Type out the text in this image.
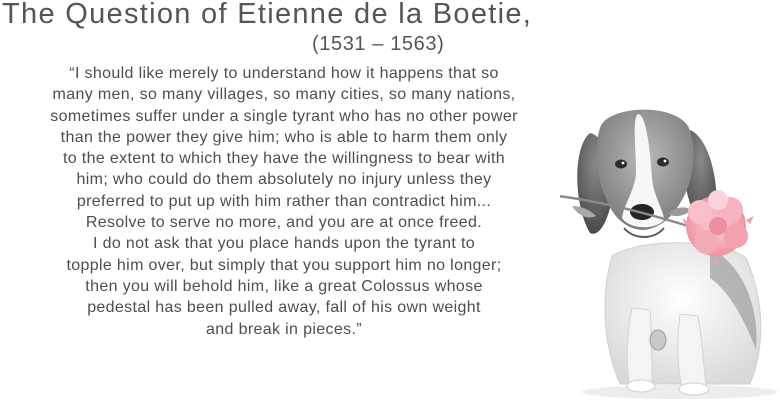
The Question of Etienne de la Boetie,
(1531 – 1563)
“I should like merely to understand how it happens that so
many men, so many villages, so many cities, so many nations,
sometimes suffer under a single tyrant who has no other power
than the power they give him; who is able to harm them only
to the extent to which they have the willingness to bear with
him; who could do them absolutely no injury unless they
preferred to put up with him rather than contradict him...
Resolve to serve no more, and you are at once freed.
I do not ask that you place hands upon the tyrant to
topple him over, but simply that you support him no longer;
then you will behold him, like a great Colossus whose
pedestal has been pulled away, fall of his own weight
and break in pieces.”
